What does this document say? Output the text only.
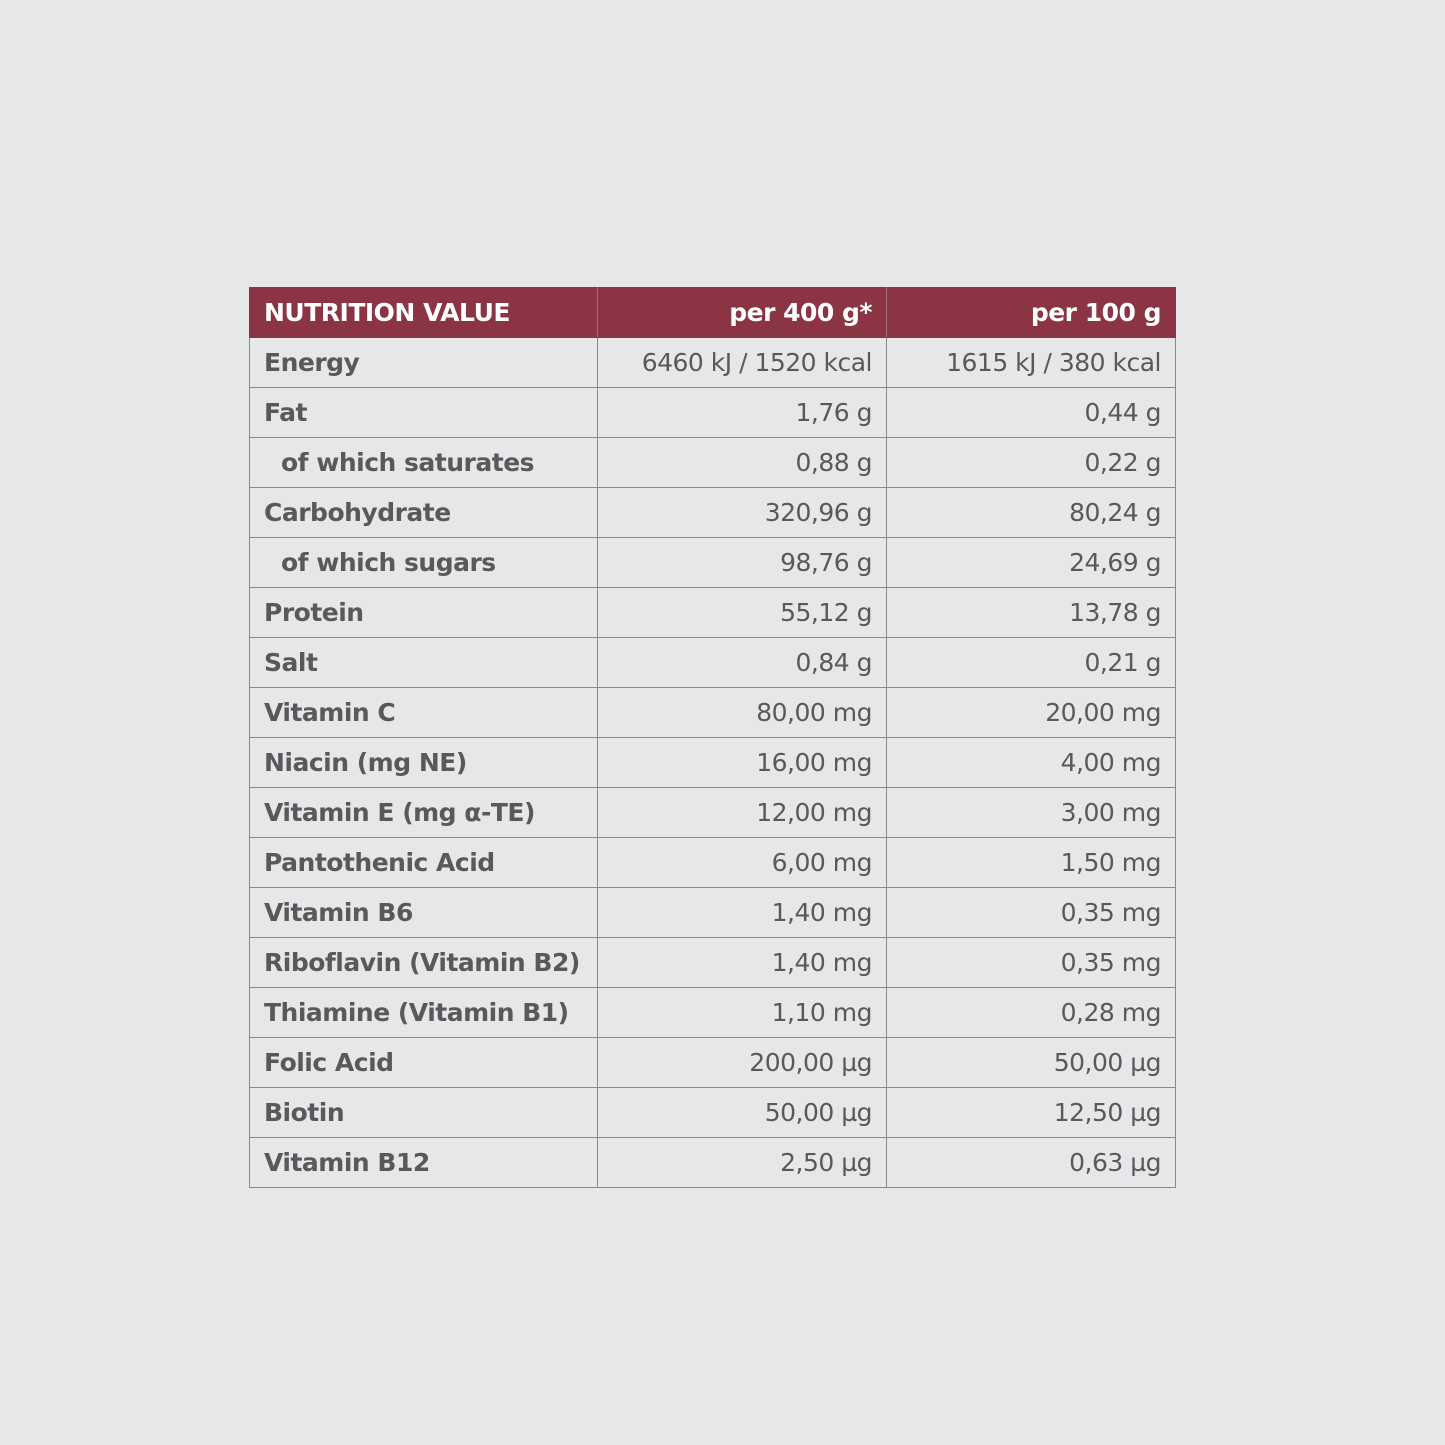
NUTRITION VALUE	per 400 g*	per 100 g
Energy	6460 kJ / 1520 kcal	1615 kJ / 380 kcal
Fat	1,76 g	0,44 g
of which saturates	0,88 g	0,22 g
Carbohydrate	320,96 g	80,24 g
of which sugars	98,76 g	24,69 g
Protein	55,12 g	13,78 g
Salt	0,84 g	0,21 g
Vitamin C	80,00 mg	20,00 mg
Niacin (mg NE)	16,00 mg	4,00 mg
Vitamin E (mg α-TE)	12,00 mg	3,00 mg
Pantothenic Acid	6,00 mg	1,50 mg
Vitamin B6	1,40 mg	0,35 mg
Riboflavin (Vitamin B2)	1,40 mg	0,35 mg
Thiamine (Vitamin B1)	1,10 mg	0,28 mg
Folic Acid	200,00 µg	50,00 µg
Biotin	50,00 µg	12,50 µg
Vitamin B12	2,50 µg	0,63 µg
